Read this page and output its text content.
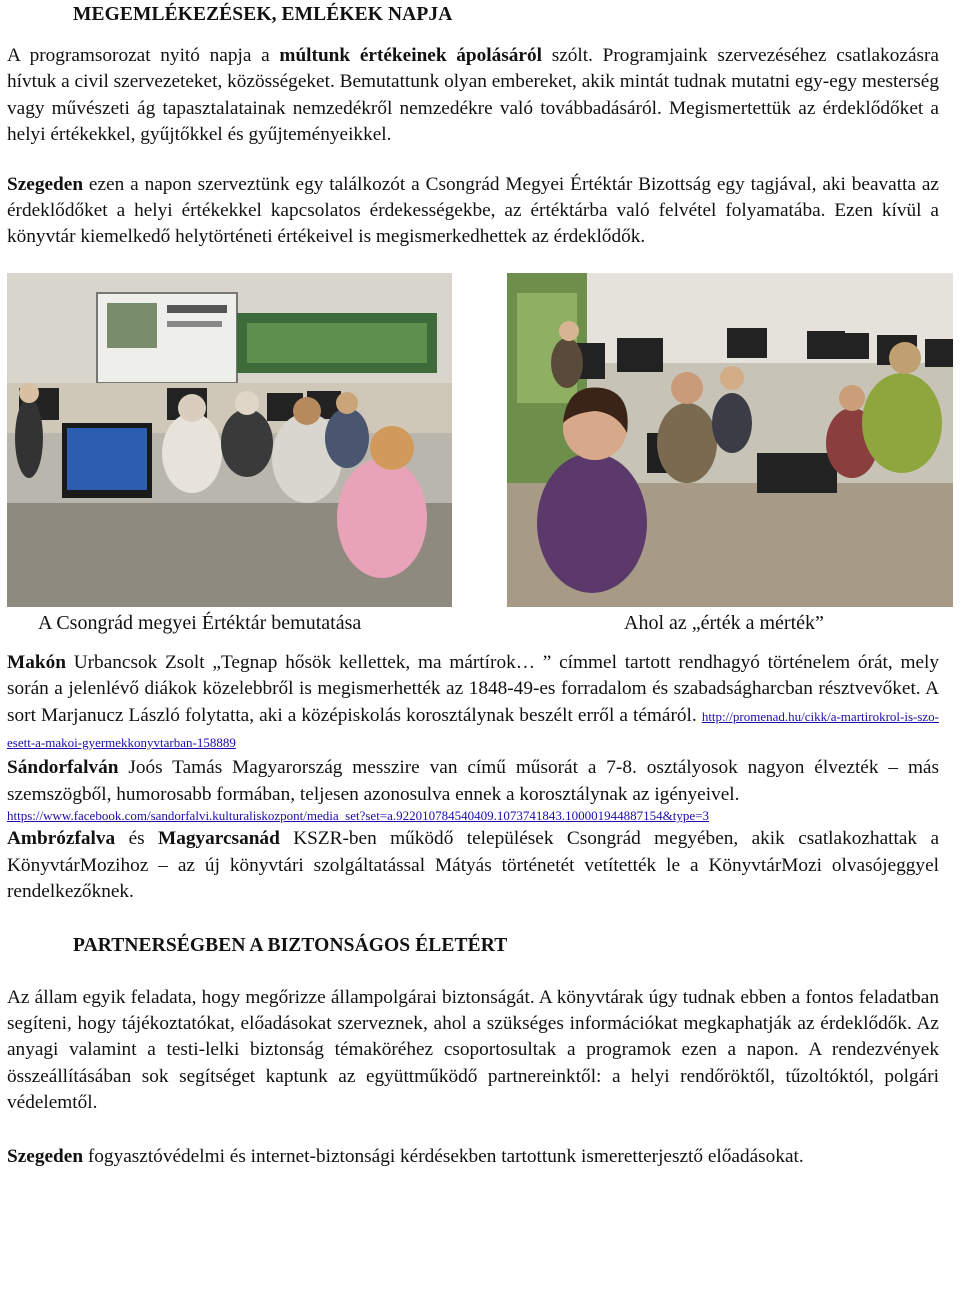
MEGEMLÉKEZÉSEK, EMLÉKEK NAPJA

A programsorozat nyitó napja a múltunk értékeinek ápolásáról szólt. Programjaink szervezéséhez csatlakozásra hívtuk a civil szervezeteket, közösségeket. Bemutattunk olyan embereket, akik mintát tudnak mutatni egy-egy mesterség vagy művészeti ág tapasztalatainak nemzedékről nemzedékre való továbbadásáról. Megismertettük az érdeklődőket a helyi értékekkel, gyűjtőkkel és gyűjteményeikkel.

Szegeden ezen a napon szerveztünk egy találkozót a Csongrád Megyei Értéktár Bizottság egy tagjával, aki beavatta az érdeklődőket a helyi értékekkel kapcsolatos érdekességekbe, az értéktárba való felvétel folyamatába. Ezen kívül a könyvtár kiemelkedő helytörténeti értékeivel is megismerkedhettek az érdeklődők.

A Csongrád megyei Értéktár bemutatása	Ahol az „érték a mérték”

Makón Urbancsok Zsolt „Tegnap hősök kellettek, ma mártírok… ” címmel tartott rendhagyó történelem órát, mely során a jelenlévő diákok közelebbről is megismerhették az 1848-49-es forradalom és szabadságharcban résztvevőket. A sort Marjanucz László folytatta, aki a középiskolás korosztálynak beszélt erről a témáról. http://promenad.hu/cikk/a-martirokrol-is-szo-esett-a-makoi-gyermekkonyvtarban-158889

Sándorfalván Joós Tamás Magyarország messzire van című műsorát a 7-8. osztályosok nagyon élvezték – más szemszögből, humorosabb formában, teljesen azonosulva ennek a korosztálynak az igényeivel.

https://www.facebook.com/sandorfalvi.kulturaliskozpont/media_set?set=a.922010784540409.1073741843.100001944887154&type=3

Ambrózfalva és Magyarcsanád KSZR-ben működő települések Csongrád megyében, akik csatlakozhattak a KönyvtárMozihoz – az új könyvtári szolgáltatással Mátyás történetét vetítették le a KönyvtárMozi olvasójeggyel rendelkezőknek.

PARTNERSÉGBEN A BIZTONSÁGOS ÉLETÉRT

Az állam egyik feladata, hogy megőrizze állampolgárai biztonságát. A könyvtárak úgy tudnak ebben a fontos feladatban segíteni, hogy tájékoztatókat, előadásokat szerveznek, ahol a szükséges információkat megkaphatják az érdeklődők. Az anyagi valamint a testi-lelki biztonság témaköréhez csoportosultak a programok ezen a napon. A rendezvények összeállításában sok segítséget kaptunk az együttműködő partnereinktől: a helyi rendőröktől, tűzoltóktól, polgári védelemtől.

Szegeden fogyasztóvédelmi és internet-biztonsági kérdésekben tartottunk ismeretterjesztő előadásokat.
